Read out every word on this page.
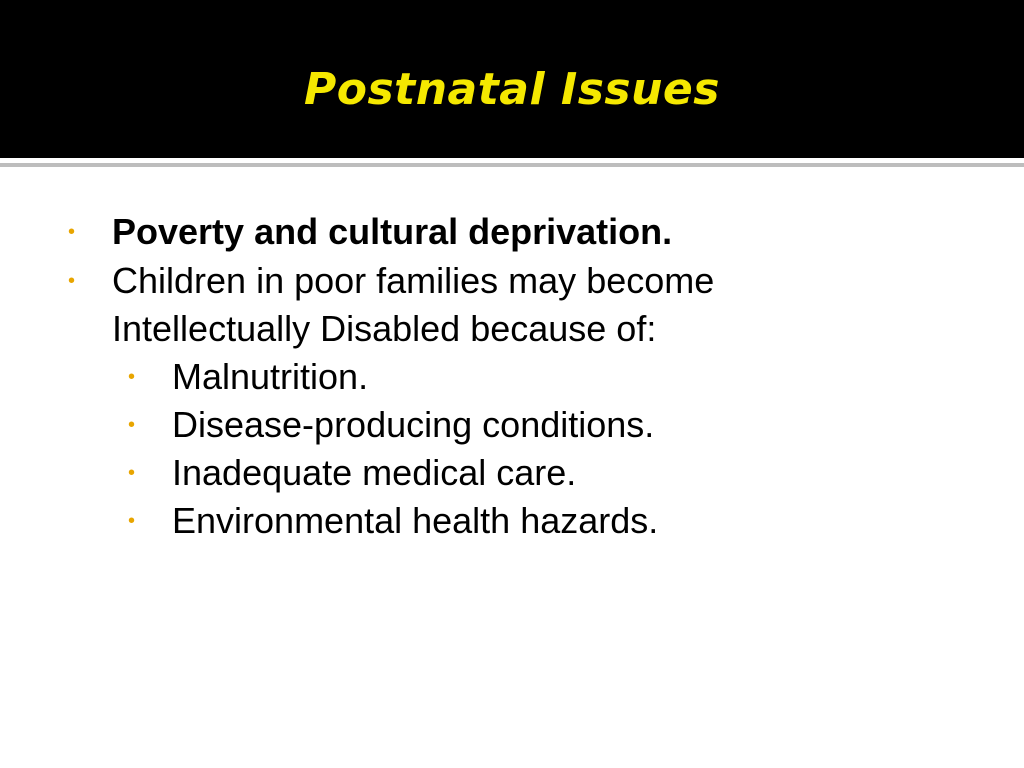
Postnatal Issues
• Poverty and cultural deprivation.
• Children in poor families may become
Intellectually Disabled because of:
• Malnutrition.
• Disease-producing conditions.
• Inadequate medical care.
• Environmental health hazards.
